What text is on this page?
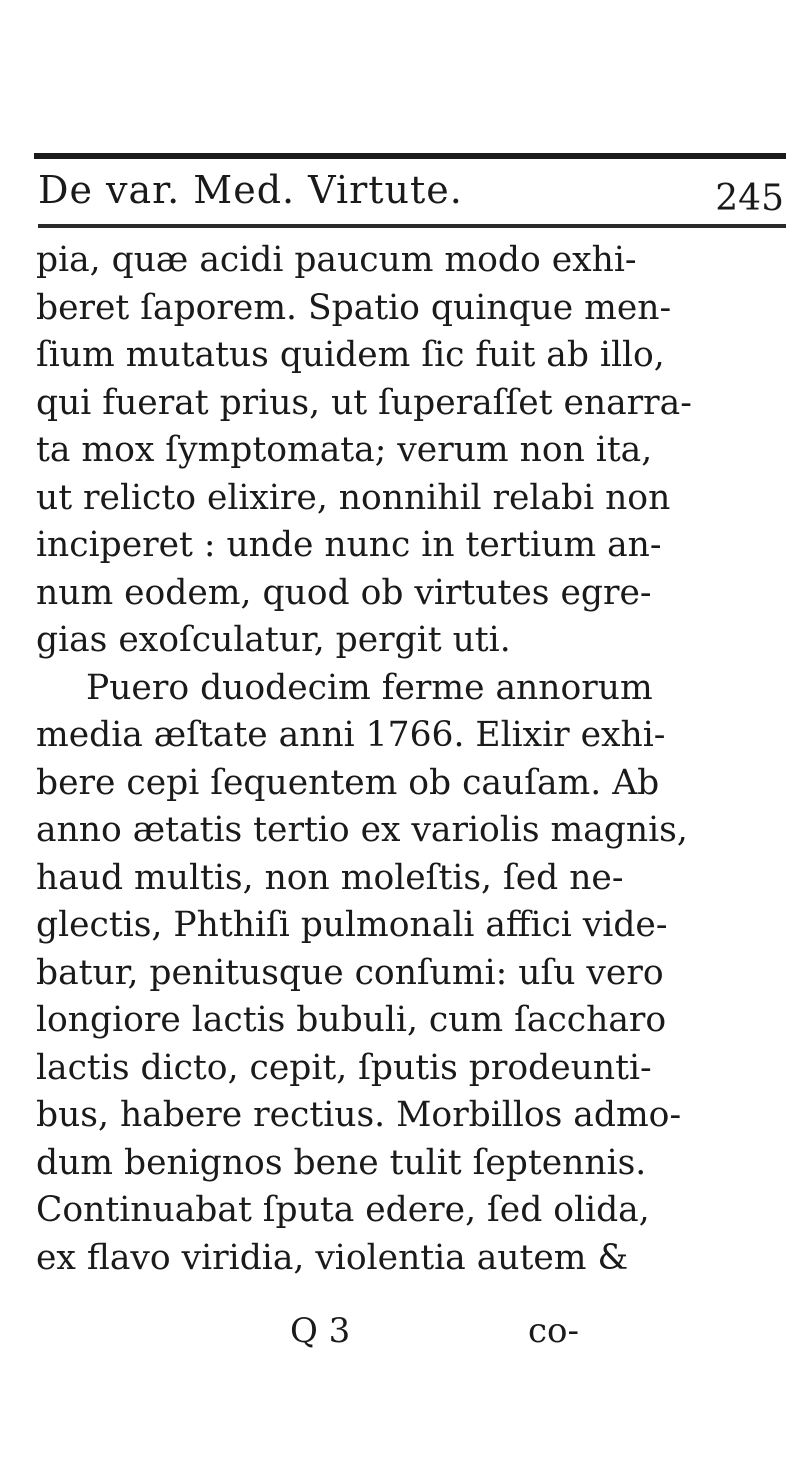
De var. Med. Virtute.	245
pia, quæ acidi paucum modo exhi-
beret ſaporem. Spatio quinque men-
ſium mutatus quidem ſic fuit ab illo,
qui fuerat prius, ut ſuperaſſet enarra-
ta mox ſymptomata; verum non ita,
ut relicto elixire, nonnihil relabi non
inciperet : unde nunc in tertium an-
num eodem, quod ob virtutes egre-
gias exoſculatur, pergit uti.
Puero duodecim ferme annorum
media æſtate anni 1766. Elixir exhi-
bere cepi ſequentem ob cauſam. Ab
anno ætatis tertio ex variolis magnis,
haud multis, non moleſtis, ſed ne-
glectis, Phthiſi pulmonali affici vide-
batur, penitusque conſumi: uſu vero
longiore lactis bubuli, cum ſaccharo
lactis dicto, cepit, ſputis prodeunti-
bus, habere rectius. Morbillos admo-
dum benignos bene tulit ſeptennis.
Continuabat ſputa edere, ſed olida,
ex flavo viridia, violentia autem &
Q 3	co-
